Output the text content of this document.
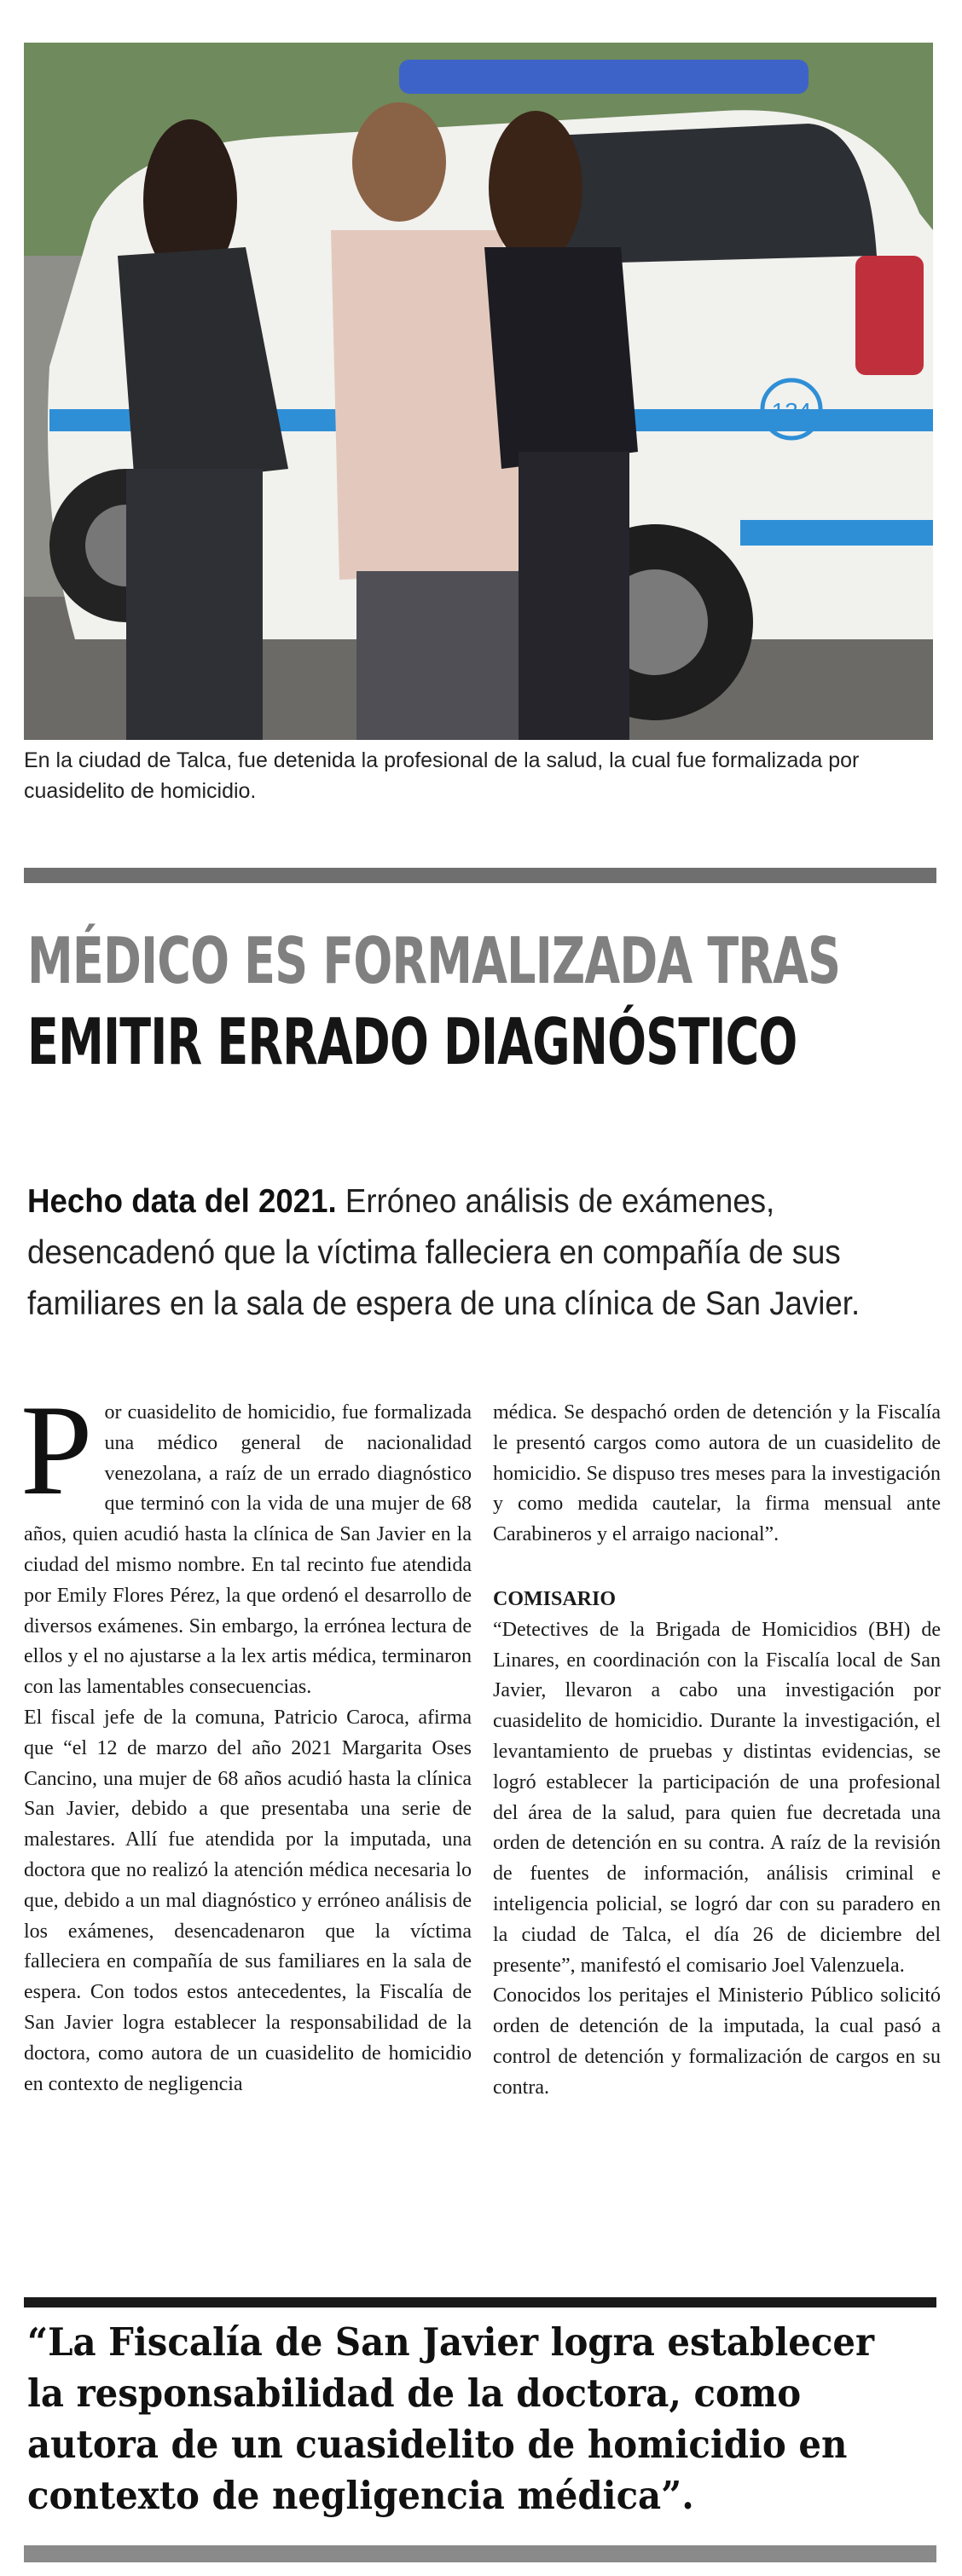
134
En la ciudad de Talca, fue detenida la profesional de la salud, la cual fue formalizada por cuasidelito de homicidio.
MÉDICO ES FORMALIZADA TRAS
EMITIR ERRADO DIAGNÓSTICO
Hecho data del 2021. Erróneo análisis de exámenes, desencadenó que la víctima falleciera en compañía de sus familiares en la sala de espera de una clínica de San Javier.

Por cuasidelito de homicidio, fue formalizada una médico general de nacionalidad venezolana, a raíz de un errado diagnóstico que terminó con la vida de una mujer de 68 años, quien acudió hasta la clínica de San Javier en la ciudad del mismo nombre. En tal recinto fue atendida por Emily Flores Pérez, la que ordenó el desarrollo de diversos exámenes. Sin embargo, la errónea lectura de ellos y el no ajustarse a la lex artis médica, terminaron con las lamentables consecuencias.

El fiscal jefe de la comuna, Patricio Caroca, afirma que “el 12 de marzo del año 2021 Margarita Oses Cancino, una mujer de 68 años acudió hasta la clínica San Javier, debido a que presentaba una serie de malestares. Allí fue atendida por la imputada, una doctora que no realizó la atención médica necesaria lo que, debido a un mal diagnóstico y erróneo análisis de los exámenes, desencadenaron que la víctima falleciera en compañía de sus familiares en la sala de espera. Con todos estos antecedentes, la Fiscalía de San Javier logra establecer la responsabilidad de la doctora, como autora de un cuasidelito de homicidio en contexto de negligencia

médica. Se despachó orden de detención y la Fiscalía le presentó cargos como autora de un cuasidelito de homicidio. Se dispuso tres meses para la investigación y como medida cautelar, la firma mensual ante Carabineros y el arraigo nacional”.

COMISARIO

“Detectives de la Brigada de Homicidios (BH) de Linares, en coordinación con la Fiscalía local de San Javier, llevaron a cabo una investigación por cuasidelito de homicidio. Durante la investigación, el levantamiento de pruebas y distintas evidencias, se logró establecer la participación de una profesional del área de la salud, para quien fue decretada una orden de detención en su contra. A raíz de la revisión de fuentes de información, análisis criminal e inteligencia policial, se logró dar con su paradero en la ciudad de Talca, el día 26 de diciembre del presente”, manifestó el comisario Joel Valenzuela.

Conocidos los peritajes el Ministerio Público solicitó orden de detención de la imputada, la cual pasó a control de detención y formalización de cargos en su contra.

“La Fiscalía de San Javier logra establecer la responsabilidad de la doctora, como autora de un cuasidelito de homicidio en contexto de negligencia médica”.
